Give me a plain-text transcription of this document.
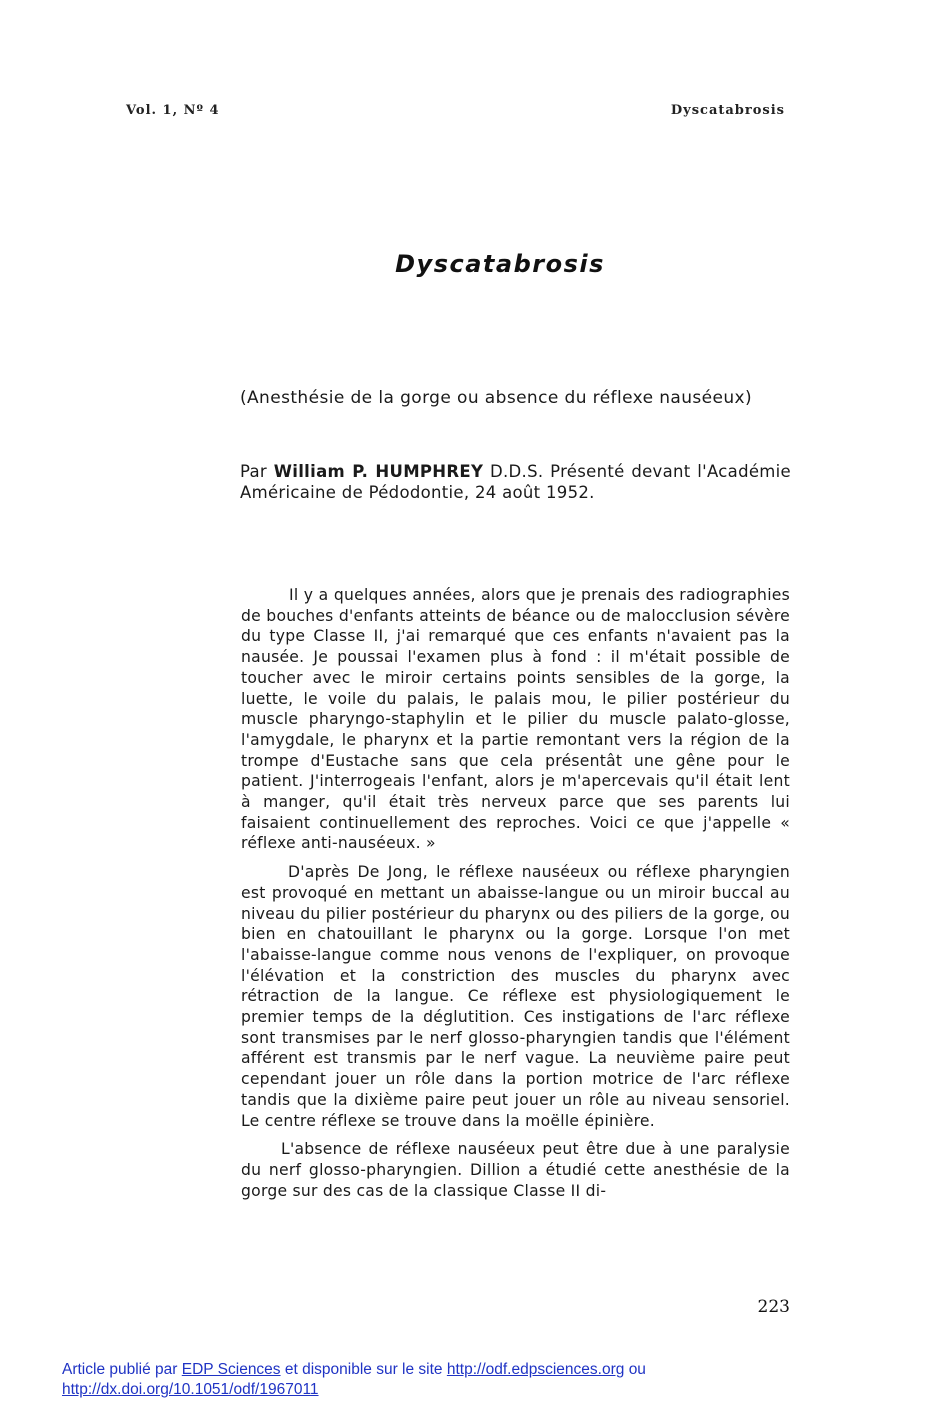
Vol. 1, Nº 4	Dyscatabrosis
Dyscatabrosis
(Anesthésie de la gorge ou absence du réflexe nauséeux)
Par William P. HUMPHREY D.D.S. Présenté devant l'Académie Américaine de Pédodontie, 24 août 1952.

Il y a quelques années, alors que je prenais des radiographies de bouches d'enfants atteints de béance ou de malocclusion sévère du type Classe II, j'ai remarqué que ces enfants n'avaient pas la nausée. Je poussai l'examen plus à fond : il m'était possible de toucher avec le miroir certains points sensibles de la gorge, la luette, le voile du palais, le palais mou, le pilier postérieur du muscle pharyngo-staphylin et le pilier du muscle palato-glosse, l'amygdale, le pharynx et la partie remontant vers la région de la trompe d'Eustache sans que cela présentât une gêne pour le patient. J'interrogeais l'enfant, alors je m'apercevais qu'il était lent à manger, qu'il était très nerveux parce que ses parents lui faisaient continuellement des reproches. Voici ce que j'appelle « réflexe anti-nauséeux. »

D'après De Jong, le réflexe nauséeux ou réflexe pharyngien est provoqué en mettant un abaisse-langue ou un miroir buccal au niveau du pilier postérieur du pharynx ou des piliers de la gorge, ou bien en chatouillant le pharynx ou la gorge. Lorsque l'on met l'abaisse-langue comme nous venons de l'expliquer, on provoque l'élévation et la constriction des muscles du pharynx avec rétraction de la langue. Ce réflexe est physiologiquement le premier temps de la déglutition. Ces instigations de l'arc réflexe sont transmises par le nerf glosso-pharyngien tandis que l'élément afférent est transmis par le nerf vague. La neuvième paire peut cependant jouer un rôle dans la portion motrice de l'arc réflexe tandis que la dixième paire peut jouer un rôle au niveau sensoriel. Le centre réflexe se trouve dans la moëlle épinière.

L'absence de réflexe nauséeux peut être due à une paralysie du nerf glosso-pharyngien. Dillion a étudié cette anesthésie de la gorge sur des cas de la classique Classe II di-

223
Article publié par EDP Sciences et disponible sur le site http://odf.edpsciences.org ou
http://dx.doi.org/10.1051/odf/1967011
